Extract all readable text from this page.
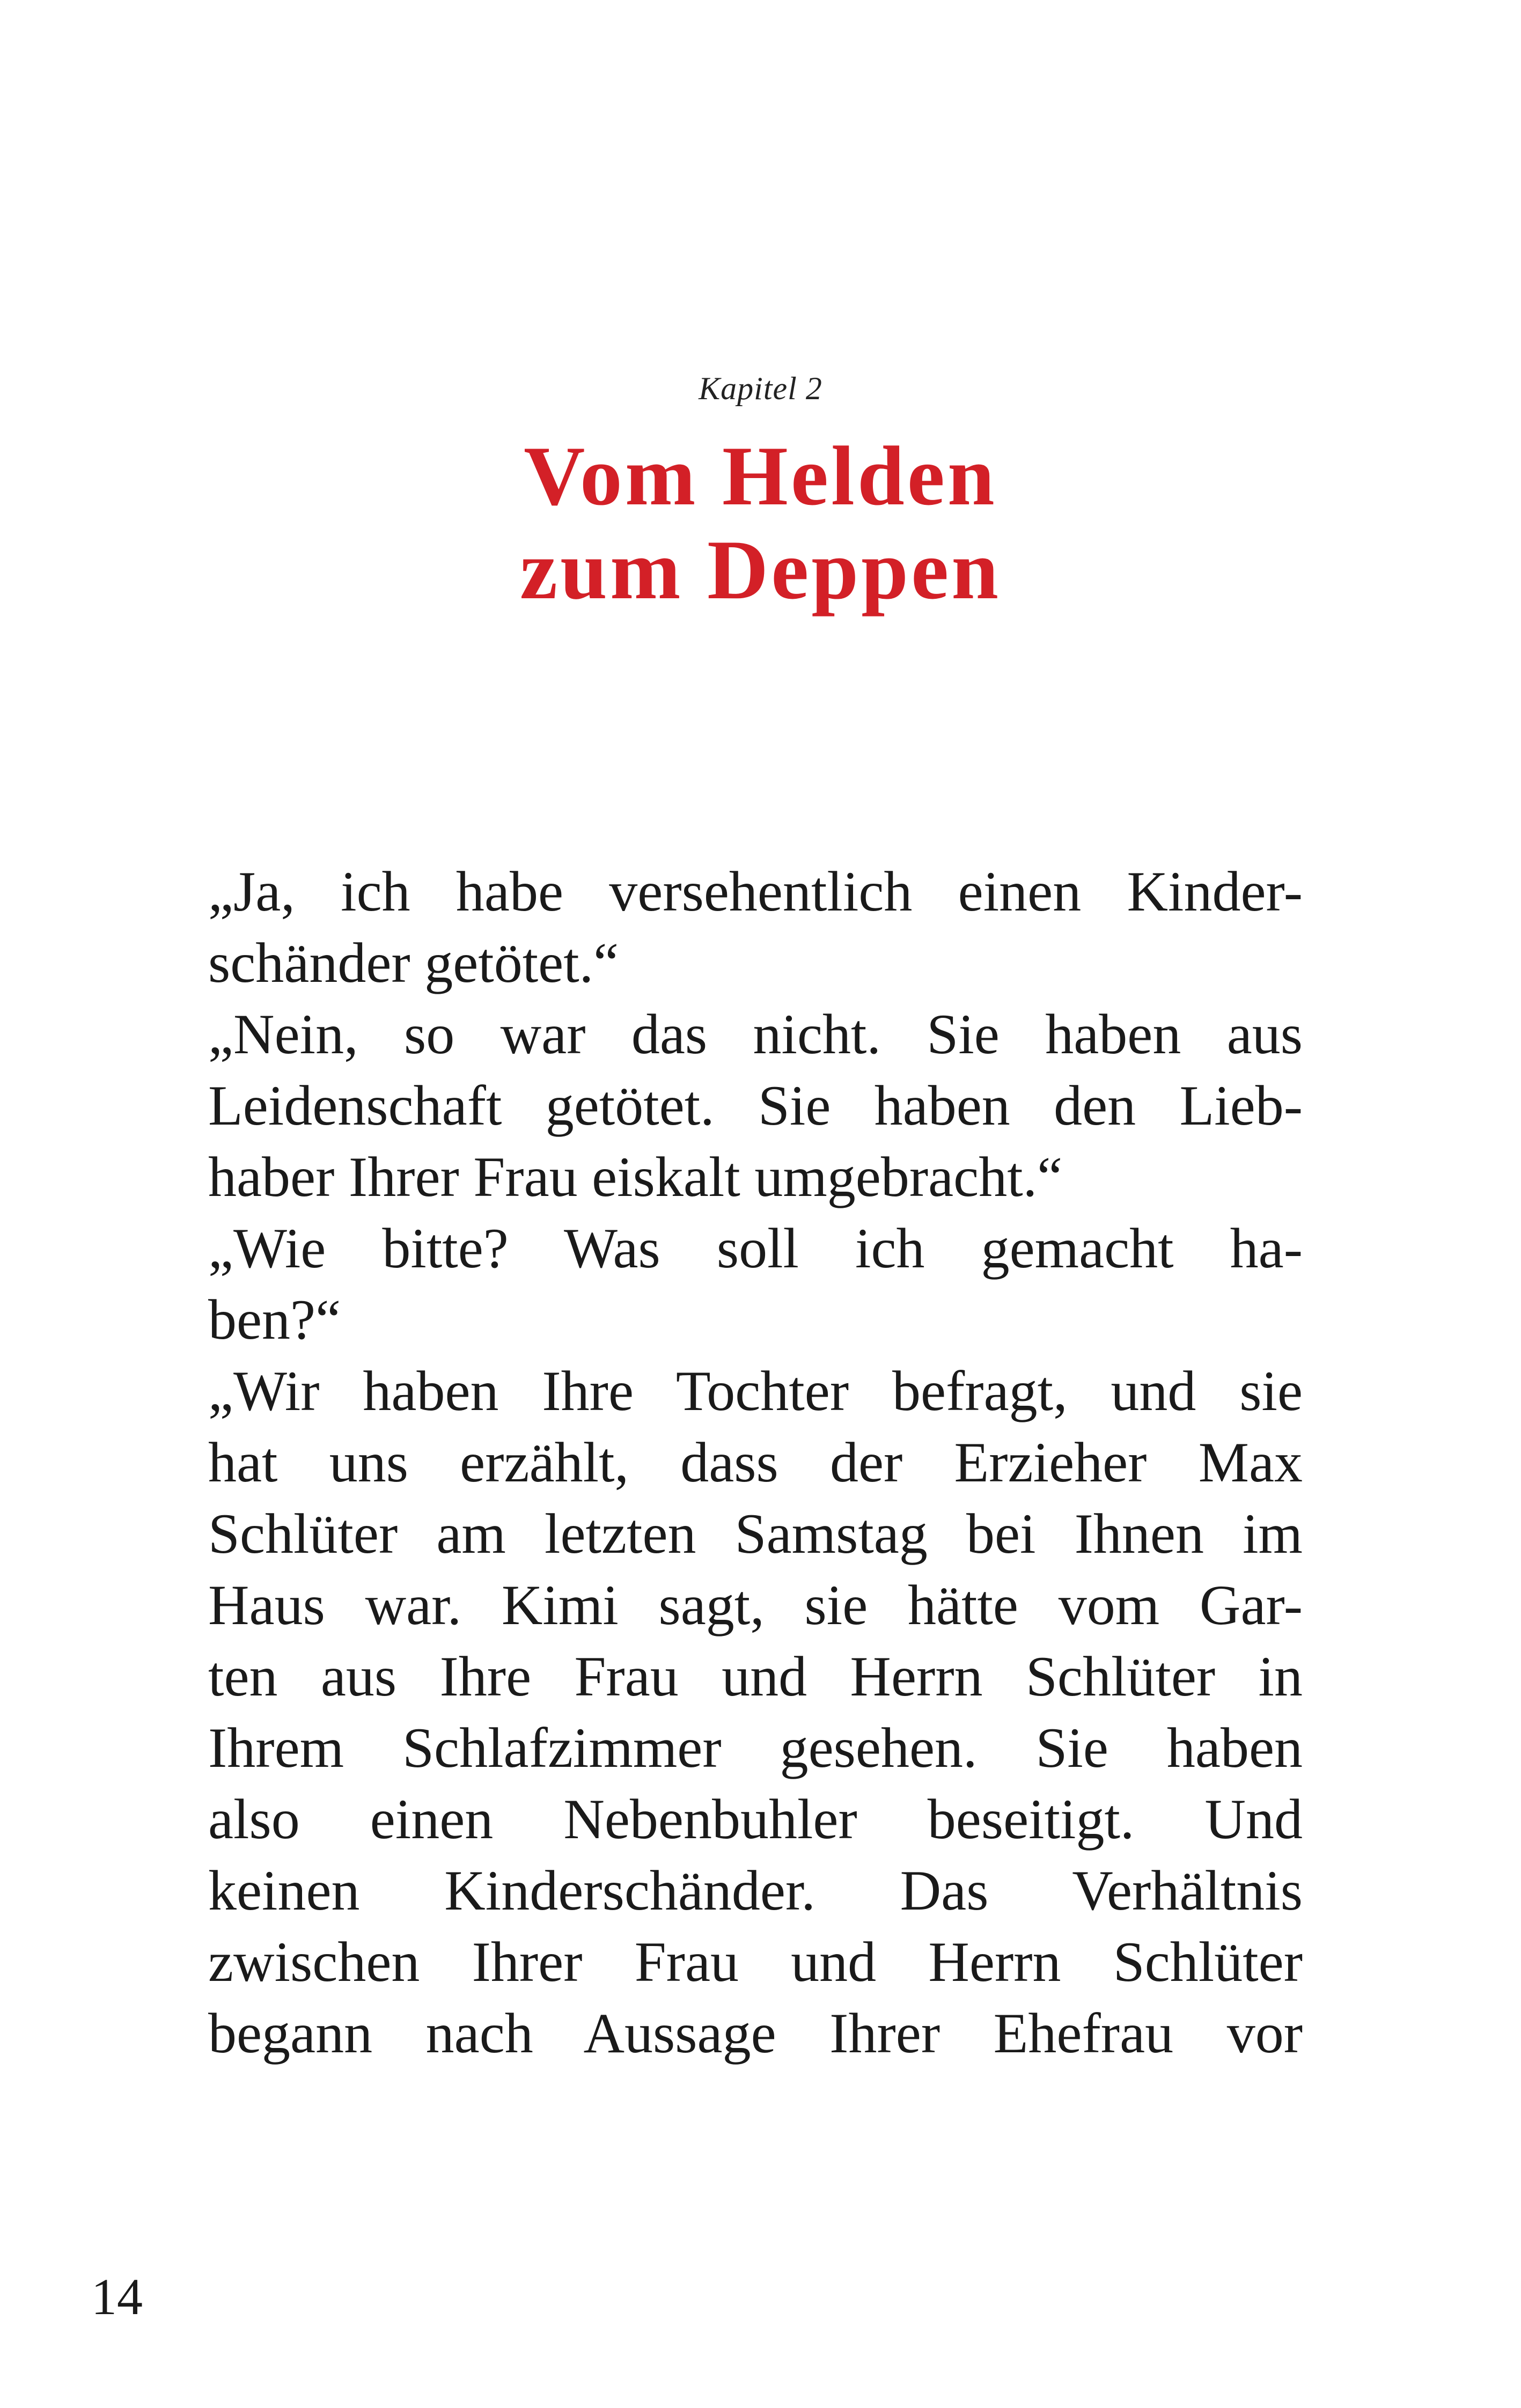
Kapitel 2
Vom Helden
zum Deppen
„Ja, ich habe versehentlich einen Kinder-
schänder getötet.“
„Nein, so war das nicht. Sie haben aus
Leidenschaft getötet. Sie haben den Lieb-
haber Ihrer Frau eiskalt umgebracht.“
„Wie bitte? Was soll ich gemacht ha-
ben?“
„Wir haben Ihre Tochter befragt, und sie
hat uns erzählt, dass der Erzieher Max
Schlüter am letzten Samstag bei Ihnen im
Haus war. Kimi sagt, sie hätte vom Gar-
ten aus Ihre Frau und Herrn Schlüter in
Ihrem Schlafzimmer gesehen. Sie haben
also einen Nebenbuhler beseitigt. Und
keinen Kinderschänder. Das Verhältnis
zwischen Ihrer Frau und Herrn Schlüter
begann nach Aussage Ihrer Ehefrau vor
14
